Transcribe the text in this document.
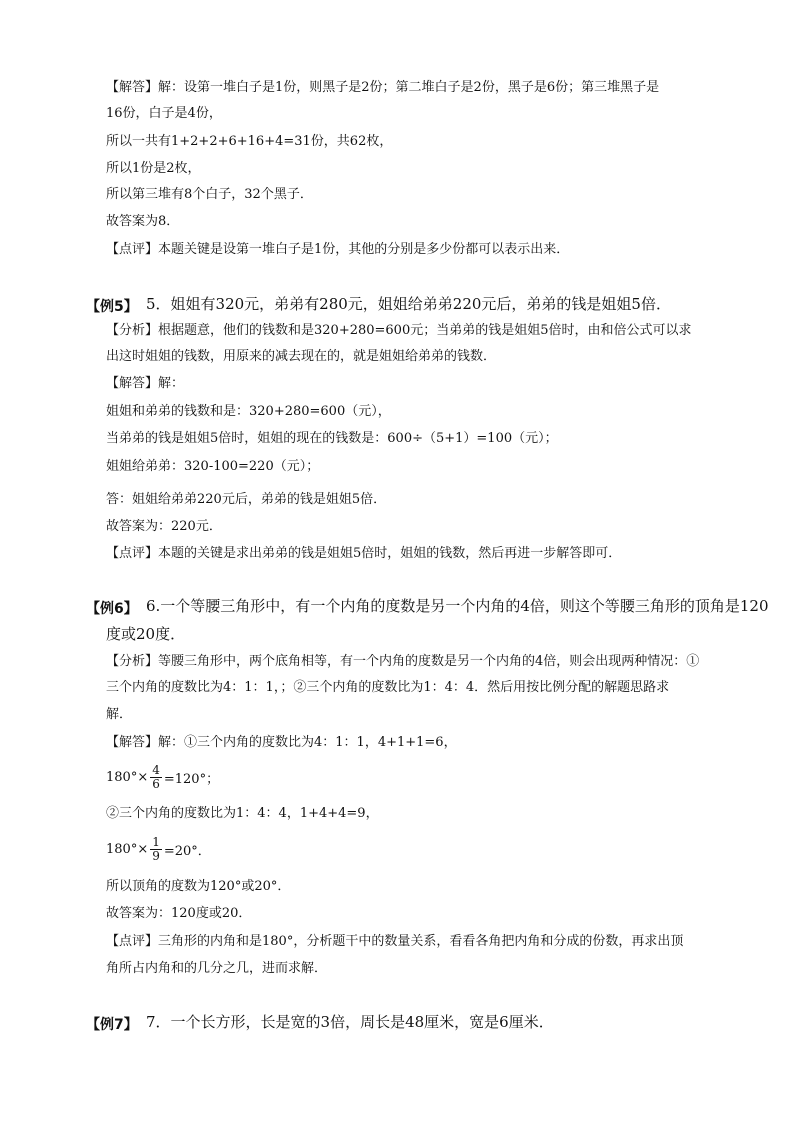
【解答】解：设第一堆白子是1份，则黑子是2份；第二堆白子是2份，黑子是6份；第三堆黑子是
16份，白子是4份，
所以一共有1+2+2+6+16+4=31份，共62枚，
所以1份是2枚，
所以第三堆有8个白子，32个黑子．
故答案为8．
【点评】本题关键是设第一堆白子是1份，其他的分别是多少份都可以表示出来．
【例5】 5．姐姐有320元，弟弟有280元，姐姐给弟弟220元后，弟弟的钱是姐姐5倍．
【分析】根据题意，他们的钱数和是320+280=600元；当弟弟的钱是姐姐5倍时，由和倍公式可以求
出这时姐姐的钱数，用原来的减去现在的，就是姐姐给弟弟的钱数．
【解答】解：
姐姐和弟弟的钱数和是：320+280=600（元），
当弟弟的钱是姐姐5倍时，姐姐的现在的钱数是：600÷（5+1）=100（元）；
姐姐给弟弟：320-100=220（元）；
答：姐姐给弟弟220元后，弟弟的钱是姐姐5倍．
故答案为：220元．
【点评】本题的关键是求出弟弟的钱是姐姐5倍时，姐姐的钱数，然后再进一步解答即可．
【例6】 6.一个等腰三角形中，有一个内角的度数是另一个内角的4倍，则这个等腰三角形的顶角是120
度或20度．
【分析】等腰三角形中，两个底角相等，有一个内角的度数是另一个内角的4倍，则会出现两种情况：①
三个内角的度数比为4：1：1，；②三个内角的度数比为1：4：4．然后用按比例分配的解题思路求
解．
【解答】解：①三个内角的度数比为4：1：1，4+1+1=6，
$180^\circ\times \frac{4}{6} =120^\circ$；
②三个内角的度数比为1：4：4，1+4+4=9，
$180^\circ\times \frac{1}{9} =20^\circ$．
所以顶角的度数为120°或20°．
故答案为：120度或20．
【点评】三角形的内角和是180°，分析题干中的数量关系，看看各角把内角和分成的份数，再求出顶
角所占内角和的几分之几，进而求解．
【例7】 7．一个长方形，长是宽的3倍，周长是48厘米，宽是6厘米．
